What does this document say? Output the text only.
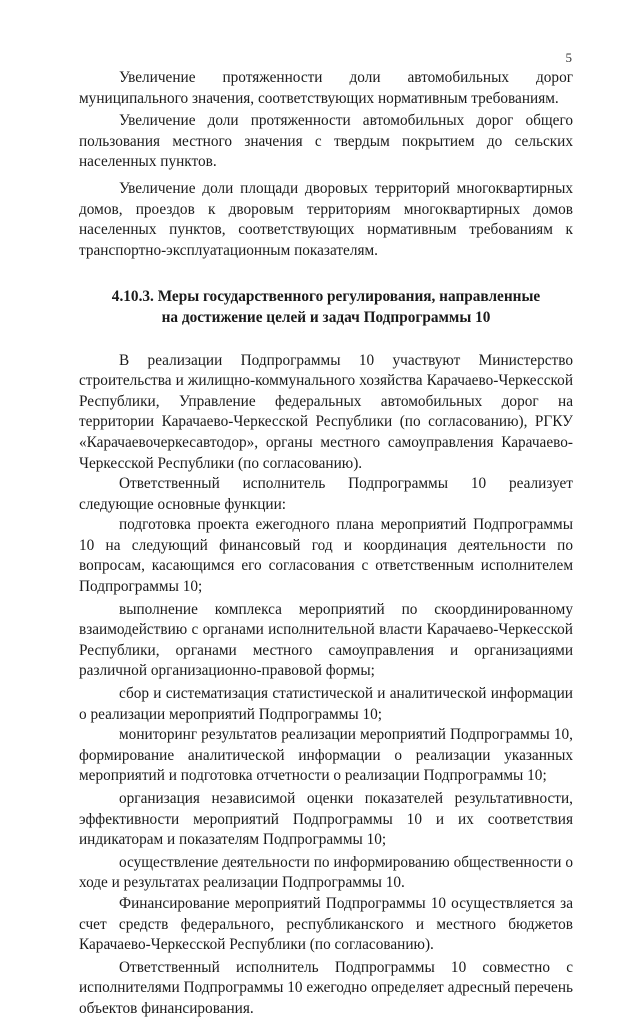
5

Увеличение протяженности доли автомобильных дорог муниципального значения, соответствующих нормативным требованиям.

Увеличение доли протяженности автомобильных дорог общего пользования местного значения с твердым покрытием до сельских населенных пунктов.

Увеличение доли площади дворовых территорий многоквартирных домов, проездов к дворовым территориям многоквартирных домов населенных пунктов, соответствующих нормативным требованиям к транспортно-эксплуатационным показателям.

4.10.3. Меры государственного регулирования, направленные
на достижение целей и задач Подпрограммы 10

В реализации Подпрограммы 10 участвуют Министерство строительства и жилищно-коммунального хозяйства Карачаево-Черкесской Республики, Управление федеральных автомобильных дорог на территории Карачаево-Черкесской Республики (по согласованию), РГКУ «Карачаевочеркесавтодор», органы местного самоуправления Карачаево-Черкесской Республики (по согласованию).

Ответственный исполнитель Подпрограммы 10 реализует следующие основные функции:

подготовка проекта ежегодного плана мероприятий Подпрограммы 10 на следующий финансовый год и координация деятельности по вопросам, касающимся его согласования с ответственным исполнителем Подпрограммы 10;

выполнение комплекса мероприятий по скоординированному взаимодействию с органами исполнительной власти Карачаево-Черкесской Республики, органами местного самоуправления и организациями различной организационно-правовой формы;

сбор и систематизация статистической и аналитической информации о реализации мероприятий Подпрограммы 10;

мониторинг результатов реализации мероприятий Подпрограммы 10, формирование аналитической информации о реализации указанных мероприятий и подготовка отчетности о реализации Подпрограммы 10;

организация независимой оценки показателей результативности, эффективности мероприятий Подпрограммы 10 и их соответствия индикаторам и показателям Подпрограммы 10;

осуществление деятельности по информированию общественности о ходе и результатах реализации Подпрограммы 10.

Финансирование мероприятий Подпрограммы 10 осуществляется за счет средств федерального, республиканского и местного бюджетов Карачаево-Черкесской Республики (по согласованию).

Ответственный исполнитель Подпрограммы 10 совместно с исполнителями Подпрограммы 10 ежегодно определяет адресный перечень объектов финансирования.
